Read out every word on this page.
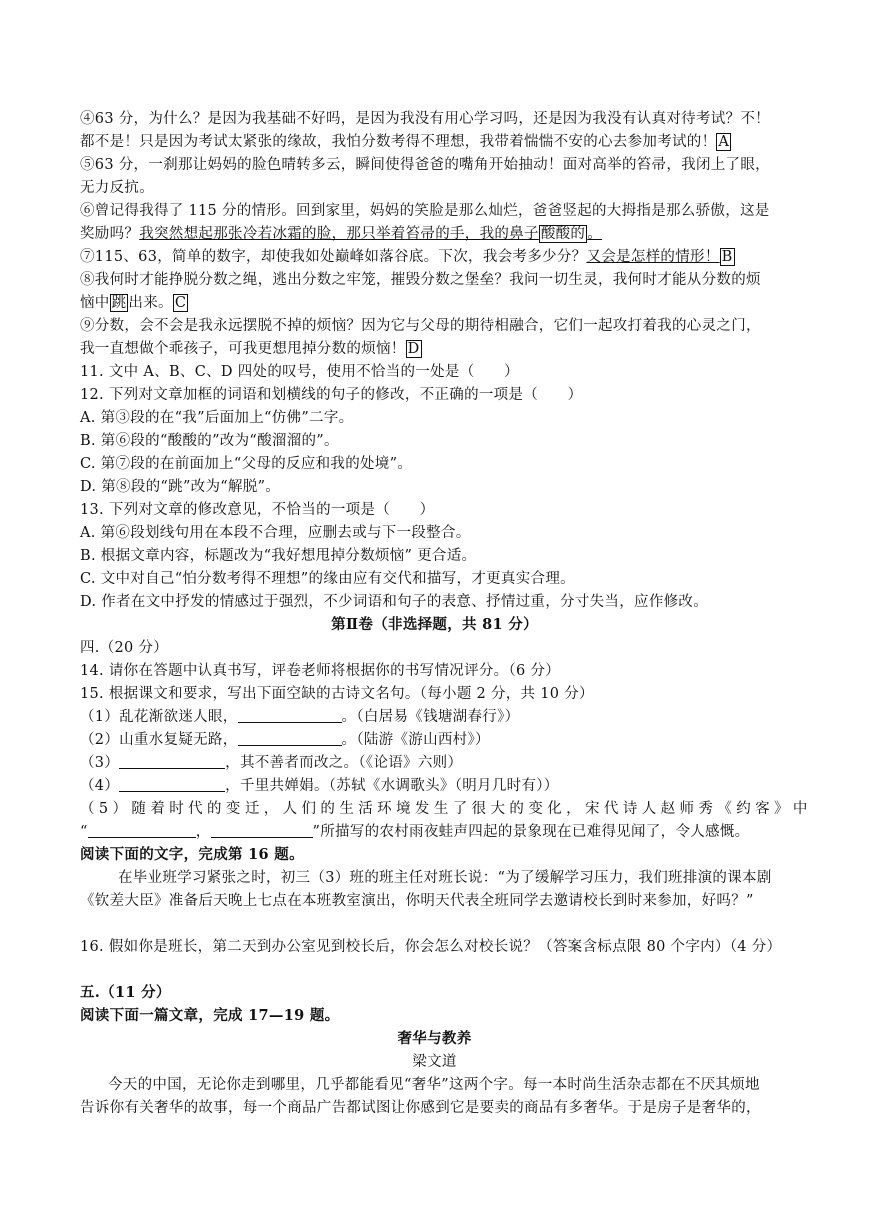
④63 分，为什么？是因为我基础不好吗，是因为我没有用心学习吗，还是因为我没有认真对待考试？不！
都不是！只是因为考试太紧张的缘故，我怕分数考得不理想，我带着惴惴不安的心去参加考试的！ A
⑤63 分，一刹那让妈妈的脸色晴转多云，瞬间使得爸爸的嘴角开始抽动！面对高举的笞帚，我闭上了眼，
无力反抗。
⑥曾记得我得了 115 分的情形。回到家里，妈妈的笑脸是那么灿烂，爸爸竖起的大拇指是那么骄傲，这是
奖励吗？我突然想起那张冷若冰霜的脸，那只举着笞帚的手，我的鼻子 酸酸的 。
⑦115、63，简单的数字，却使我如处巅峰如落谷底。下次，我会考多少分？又会是怎样的情形！ B
⑧我何时才能挣脱分数之绳，逃出分数之牢笼，摧毁分数之堡垒？我问一切生灵，我何时才能从分数的烦
恼中 跳 出来。 C
⑨分数，会不会是我永远摆脱不掉的烦恼？因为它与父母的期待相融合，它们一起攻打着我的心灵之门，
我一直想做个乖孩子，可我更想甩掉分数的烦恼！ D
11. 文中 A、B、C、D 四处的叹号，使用不恰当的一处是（　　）
12. 下列对文章加框的词语和划横线的句子的修改，不正确的一项是（　　）
A. 第③段的在“我”后面加上“仿佛”二字。
B. 第⑥段的“酸酸的”改为“酸溜溜的”。
C. 第⑦段的在前面加上“父母的反应和我的处境”。
D. 第⑧段的“跳”改为“解脱”。
13. 下列对文章的修改意见，不恰当的一项是（　　）
A. 第⑥段划线句用在本段不合理，应删去或与下一段整合。
B. 根据文章内容，标题改为“我好想甩掉分数烦恼” 更合适。
C. 文中对自己“怕分数考得不理想”的缘由应有交代和描写，才更真实合理。
D. 作者在文中抒发的情感过于强烈，不少词语和句子的表意、抒情过重，分寸失当，应作修改。
第Ⅱ卷（非选择题，共 81 分）
四.（20 分）
14. 请你在答题中认真书写，评卷老师将根据你的书写情况评分。（6 分）
15. 根据课文和要求，写出下面空缺的古诗文名句。（每小题 2 分，共 10 分）
（1）乱花渐欲迷人眼，	。（白居易《钱塘湖春行》）
（2）山重水复疑无路，	。（陆游《游山西村》）
（3）	，其不善者而改之。（《论语》六则）
（4）	，千里共婵娟。（苏轼《水调歌头》（明月几时有））
（5）随着时代的变迁，人们的生活环境发生了很大的变化，宋代诗人赵师秀《约客》中
“	，	”所描写的农村雨夜蛙声四起的景象现在已难得见闻了，令人感慨。
阅读下面的文字，完成第 16 题。
在毕业班学习紧张之时，初三（3）班的班主任对班长说：“为了缓解学习压力，我们班排演的课本剧
《钦差大臣》准备后天晚上七点在本班教室演出，你明天代表全班同学去邀请校长到时来参加，好吗？”
16. 假如你是班长，第二天到办公室见到校长后，你会怎么对校长说？（答案含标点限 80 个字内）（4 分）
五.（11 分）
阅读下面一篇文章，完成 17—19 题。
奢华与教养
梁文道
今天的中国，无论你走到哪里，几乎都能看见“奢华”这两个字。每一本时尚生活杂志都在不厌其烦地
告诉你有关奢华的故事，每一个商品广告都试图让你感到它是要卖的商品有多奢华。于是房子是奢华的，
